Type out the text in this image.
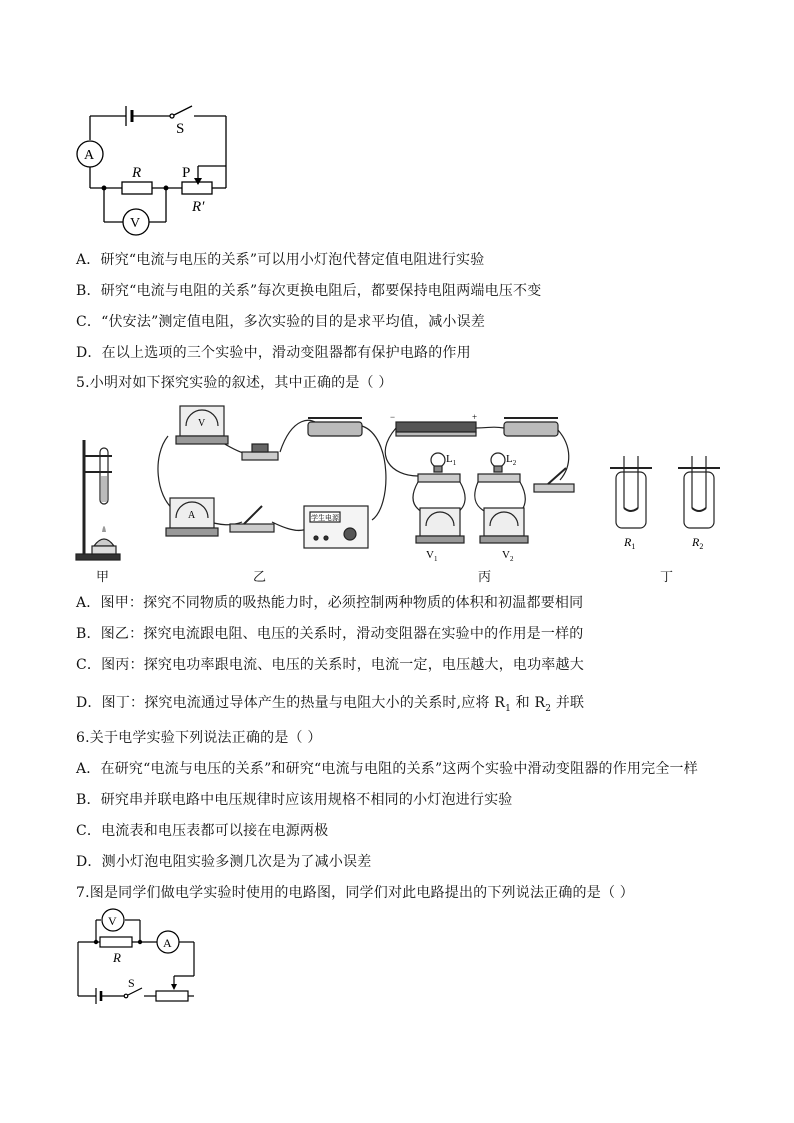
S
A
R	P
R′
V
A．研究“电流与电压的关系”可以用小灯泡代替定值电阻进行实验
B．研究“电流与电阻的关系”每次更换电阻后，都要保持电阻两端电压不变
C．“伏安法”测定值电阻，多次实验的目的是求平均值，减小误差
D．在以上选项的三个实验中，滑动变阻器都有保护电路的作用
5.小明对如下探究实验的叙述，其中正确的是（ ）
V
A	学生电源
−	+
$L_1$	$L_2$
$V_1$	$V_2$
$R_1$	$R_2$
甲	乙	丙	丁
A．图甲：探究不同物质的吸热能力时，必须控制两种物质的体积和初温都要相同
B．图乙：探究电流跟电阻、电压的关系时，滑动变阻器在实验中的作用是一样的
C．图丙：探究电功率跟电流、电压的关系时，电流一定，电压越大，电功率越大
D．图丁：探究电流通过导体产生的热量与电阻大小的关系时,应将 $R_1$ 和 $R_2$ 并联
6.关于电学实验下列说法正确的是（ ）
A．在研究“电流与电压的关系”和研究“电流与电阻的关系”这两个实验中滑动变阻器的作用完全一样
B．研究串并联电路中电压规律时应该用规格不相同的小灯泡进行实验
C．电流表和电压表都可以接在电源两极
D．测小灯泡电阻实验多测几次是为了减小误差
7.图是同学们做电学实验时使用的电路图，同学们对此电路提出的下列说法正确的是（ ）
V
A
R
S
